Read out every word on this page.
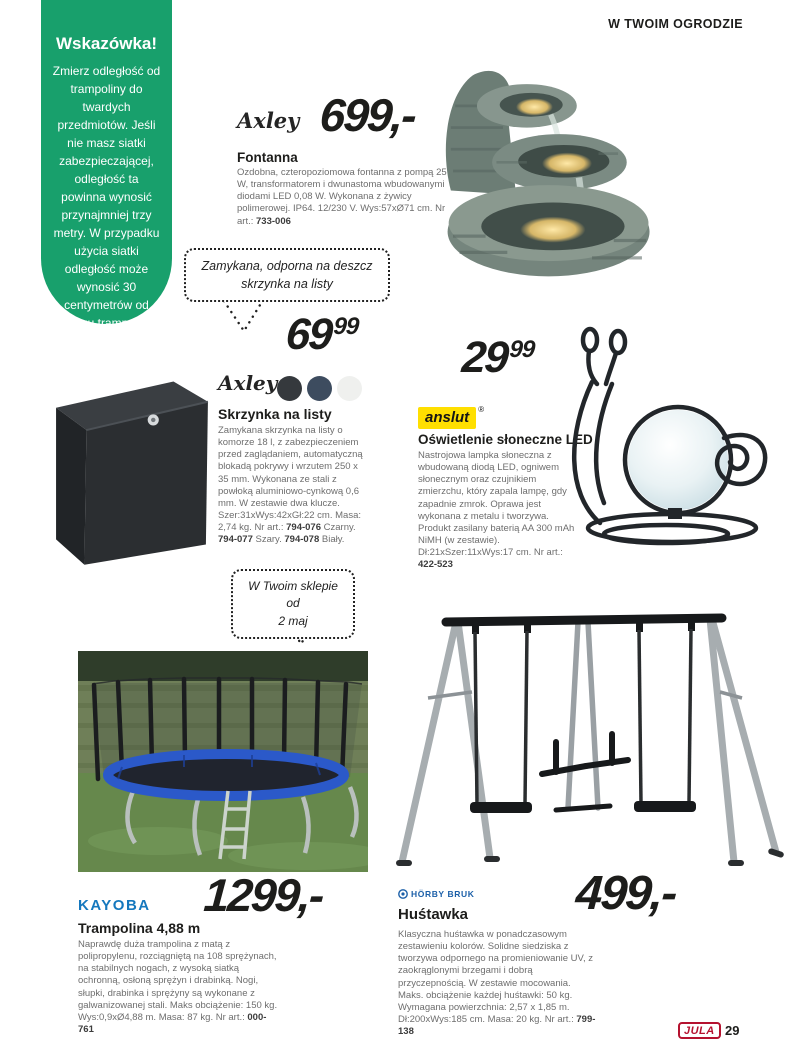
W TWOIM OGRODZIE
Wskazówka!
Zmierz odległość od trampoliny do twardych przedmiotów. Jeśli nie masz siatki zabezpieczającej, odległość ta powinna wynosić przynajmniej trzy metry. W przypadku użycia siatki odległość może wynosić 30 centymetrów od brzegu trampoliny.
Axley 699,-
Fontanna

Ozdobna, czteropoziomowa fontanna z pompą 25 W, transformatorem i dwunastoma wbudowanymi diodami LED 0,08 W. Wykonana z żywicy polimerowej. IP64. 12/230 V. Wys:57xØ71 cm. Nr art.: 733-006

Zamykana, odporna na deszcz
skrzynka na listy
6999
Axley
Skrzynka na listy

Zamykana skrzynka na listy o komorze 18 l, z zabezpieczeniem przed zaglądaniem, automatyczną blokadą pokrywy i wrzutem 250 x 35 mm. Wykonana ze stali z powłoką aluminiowo-cynkową 0,6 mm. W zestawie dwa klucze. Szer:31xWys:42xGł:22 cm. Masa: 2,74 kg. Nr art.: 794-076 Czarny. 794-077 Szary. 794-078 Biały.

2999
anslut ®
Oświetlenie słoneczne LED

Nastrojowa lampka słoneczna z wbudowaną diodą LED, ogniwem słonecznym oraz czujnikiem zmierzchu, który zapala lampę, gdy zapadnie zmrok. Oprawa jest wykonana z metalu i tworzywa. Produkt zasilany baterią AA 300 mAh NiMH (w zestawie). Dł:21xSzer:11xWys:17 cm. Nr art.: 422-523

W Twoim sklepie od
2 maj
KAYOBA 1299,-
Trampolina 4,88 m

Naprawdę duża trampolina z matą z polipropylenu, rozciągniętą na 108 sprężynach, na stabilnych nogach, z wysoką siatką ochronną, osłoną sprężyn i drabinką. Nogi, słupki, drabinka i sprężyny są wykonane z galwanizowanej stali. Maks obciążenie: 150 kg. Wys:0,9xØ4,88 m. Masa: 87 kg. Nr art.: 000-761

HÖRBY BRUK 499,-
Huśtawka

Klasyczna huśtawka w ponadczasowym zestawieniu kolorów. Solidne siedziska z tworzywa odpornego na promieniowanie UV, z zaokrąglonymi brzegami i dobrą przyczepnością. W zestawie mocowania. Maks. obciążenie każdej huśtawki: 50 kg. Wymagana powierzchnia: 2,57 x 1,85 m. Dł:200xWys:185 cm. Masa: 20 kg. Nr art.: 799-138	JULA 29
